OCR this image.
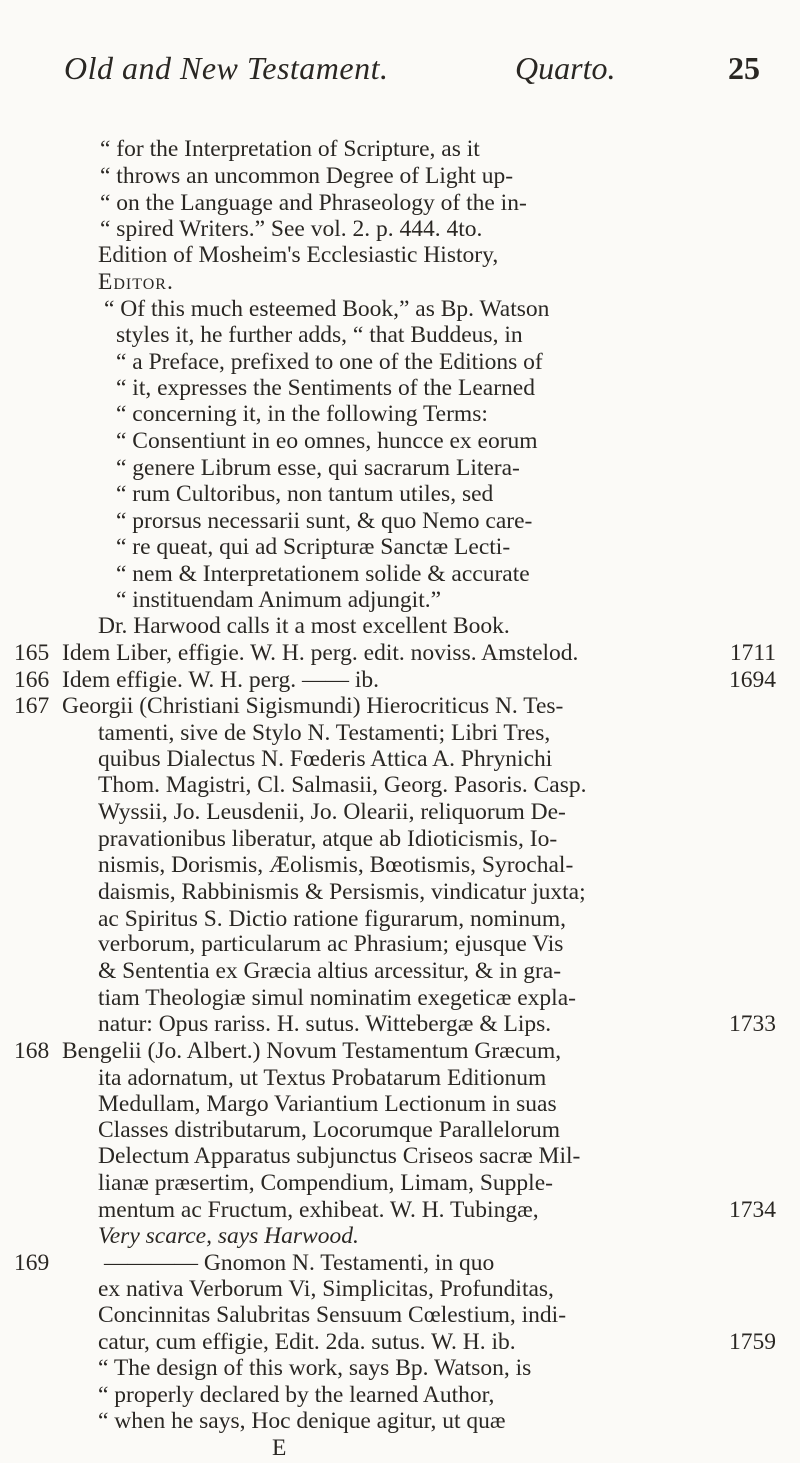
Old and New Testament.	Quarto.	25
“ for the Interpretation of Scripture, as it
“ throws an uncommon Degree of Light up-
“ on the Language and Phraseology of the in-
“ spired Writers.” See vol. 2. p. 444. 4to.
Edition of Mosheim's Ecclesiastic History,
Editor.
“ Of this much esteemed Book,” as Bp. Watson
styles it, he further adds, “ that Buddeus, in
“ a Preface, prefixed to one of the Editions of
“ it, expresses the Sentiments of the Learned
“ concerning it, in the following Terms:
“ Consentiunt in eo omnes, huncce ex eorum
“ genere Librum esse, qui sacrarum Litera-
“ rum Cultoribus, non tantum utiles, sed
“ prorsus necessarii sunt, & quo Nemo care-
“ re queat, qui ad Scripturæ Sanctæ Lecti-
“ nem & Interpretationem solide & accurate
“ instituendam Animum adjungit.”
Dr. Harwood calls it a most excellent Book.
Idem Liber, effigie. W. H. perg. edit. noviss. Amstelod.
Idem effigie. W. H. perg. —— ib.
Georgii (Christiani Sigismundi) Hierocriticus N. Tes-
tamenti, sive de Stylo N. Testamenti; Libri Tres,
quibus Dialectus N. Fœderis Attica A. Phrynichi
Thom. Magistri, Cl. Salmasii, Georg. Pasoris. Casp.
Wyssii, Jo. Leusdenii, Jo. Olearii, reliquorum De-
pravationibus liberatur, atque ab Idioticismis, Io-
nismis, Dorismis, Æolismis, Bœotismis, Syrochal-
daismis, Rabbinismis & Persismis, vindicatur juxta;
ac Spiritus S. Dictio ratione figurarum, nominum,
verborum, particularum ac Phrasium; ejusque Vis
& Sententia ex Græcia altius arcessitur, & in gra-
tiam Theologiæ simul nominatim exegeticæ expla-
natur: Opus rariss. H. sutus. Wittebergæ & Lips.
Bengelii (Jo. Albert.) Novum Testamentum Græcum,
ita adornatum, ut Textus Probatarum Editionum
Medullam, Margo Variantium Lectionum in suas
Classes distributarum, Locorumque Parallelorum
Delectum Apparatus subjunctus Criseos sacræ Mil-
lianæ præsertim, Compendium, Limam, Supple-
mentum ac Fructum, exhibeat. W. H. Tubingæ,
Very scarce, says Harwood.
———— Gnomon N. Testamenti, in quo
ex nativa Verborum Vi, Simplicitas, Profunditas,
Concinnitas Salubritas Sensuum Cœlestium, indi-
catur, cum effigie, Edit. 2da. sutus. W. H. ib.
“ The design of this work, says Bp. Watson, is
“ properly declared by the learned Author,
“ when he says, Hoc denique agitur, ut quæ
E
165
166
167
168
169
1711
1694
1733
1734
1759
